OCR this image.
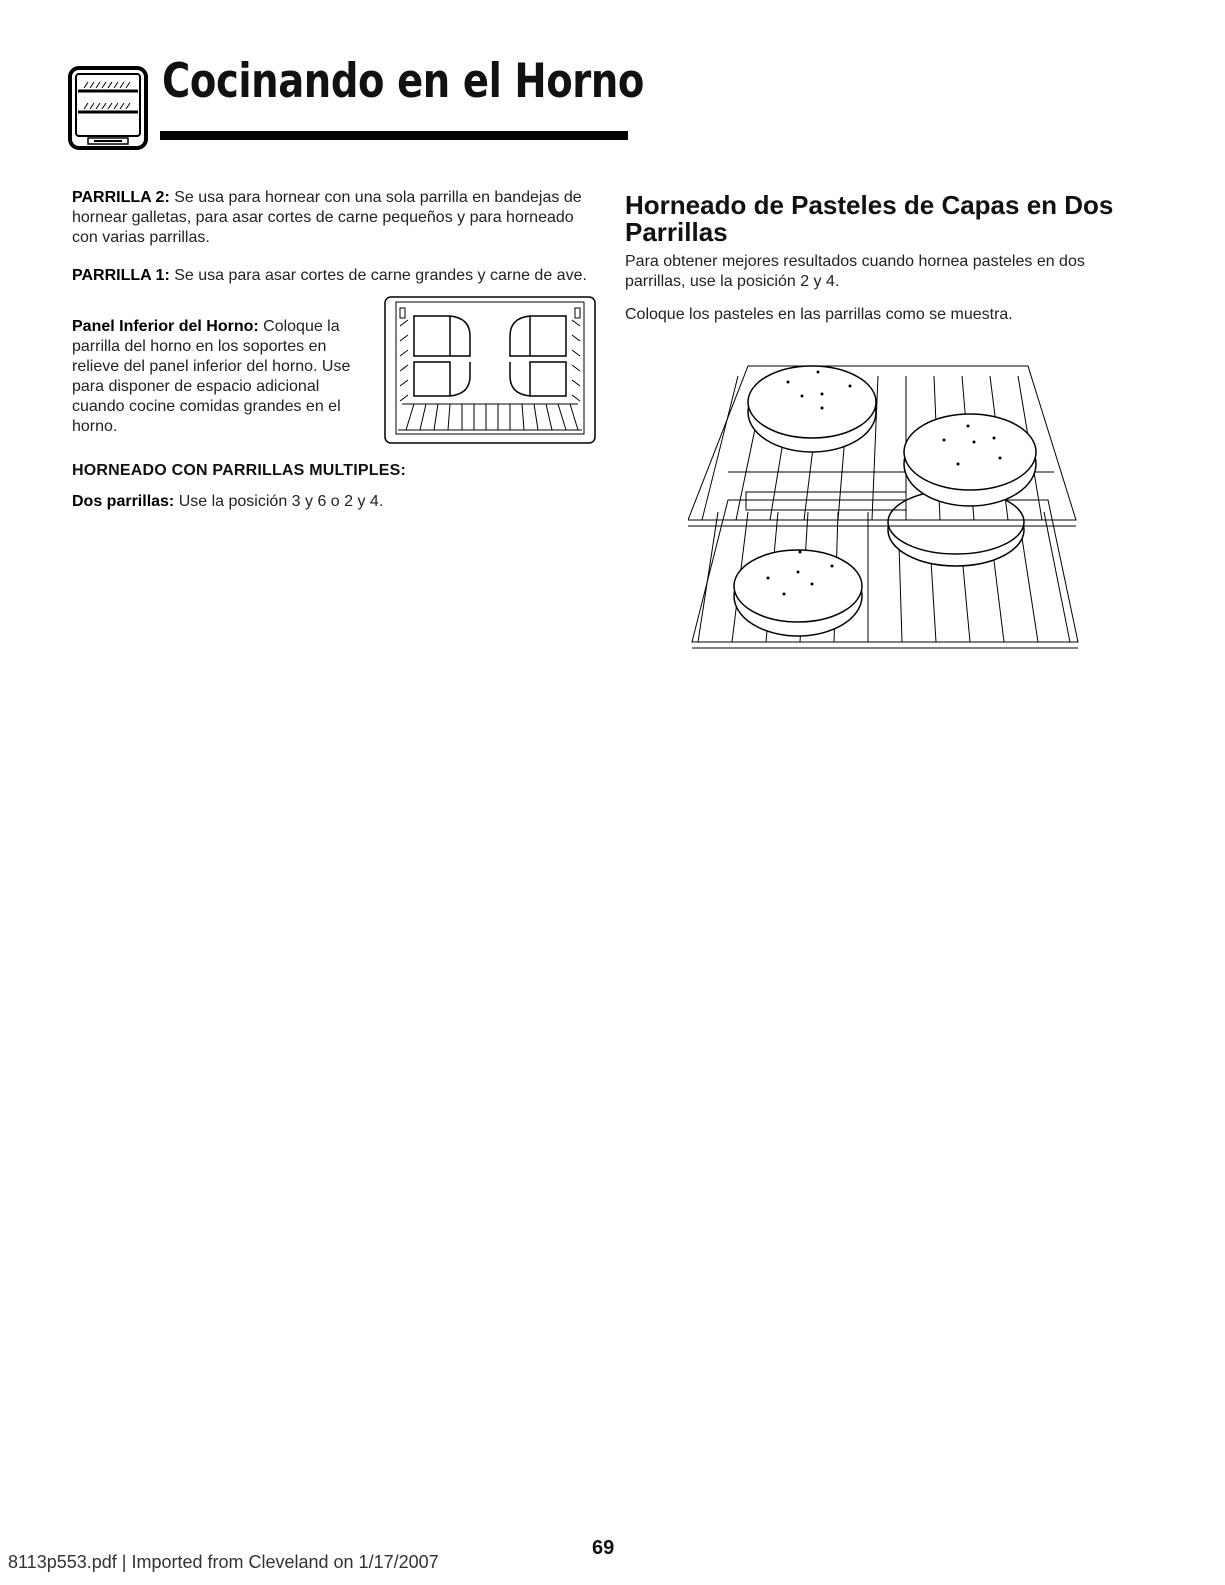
Cocinando en el Horno

PARRILLA 2: Se usa para hornear con una sola parrilla en bandejas de hornear galletas, para asar cortes de carne pequeños y para horneado con varias parrillas.

PARRILLA 1: Se usa para asar cortes de carne grandes y carne de ave.

Panel Inferior del Horno: Coloque la parrilla del horno en los soportes en relieve del panel inferior del horno. Use para disponer de espacio adicional cuando cocine comidas grandes en el horno.

HORNEADO CON PARRILLAS MULTIPLES:

Dos parrillas: Use la posición 3 y 6 o 2 y 4.

Horneado de Pasteles de Capas en Dos Parrillas

Para obtener mejores resultados cuando hornea pasteles en dos parrillas, use la posición 2 y 4.

Coloque los pasteles en las parrillas como se muestra.

69
8113p553.pdf | Imported from Cleveland on 1/17/2007
